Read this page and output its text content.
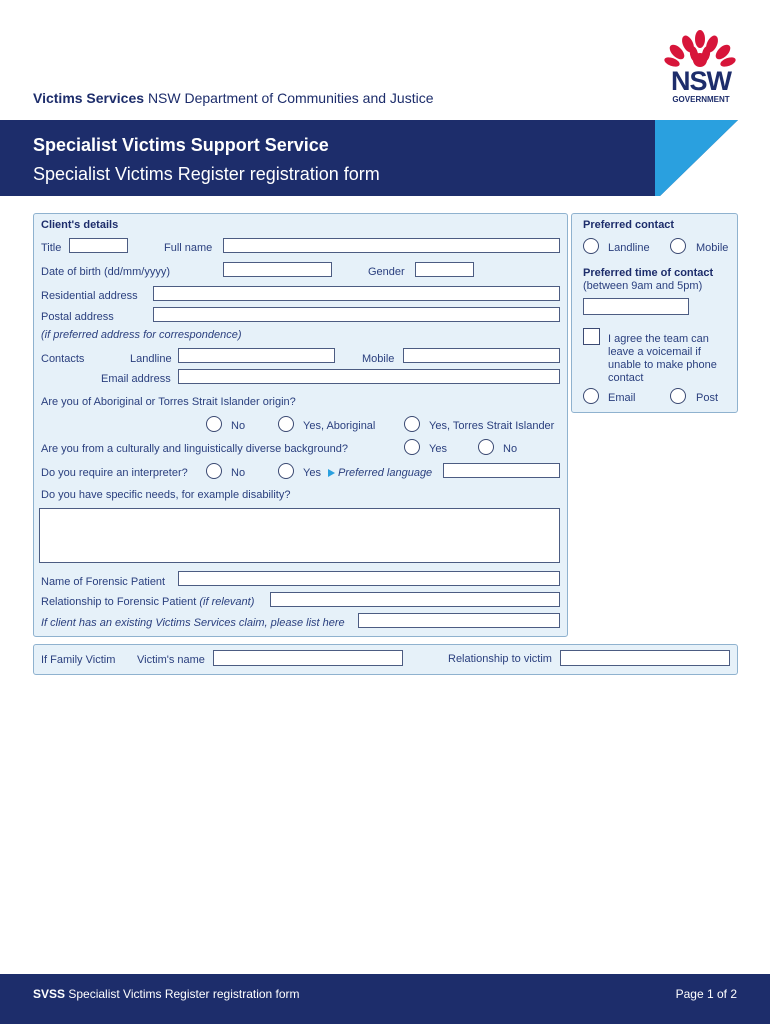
Victims Services NSW Department of Communities and Justice
NSW
GOVERNMENT
Specialist Victims Support Service
Specialist Victims Register registration form
Client's details
Title	Full name
Date of birth (dd/mm/yyyy)	Gender
Residential address
Postal address
(if preferred address for correspondence)
Contacts	Landline	Mobile
Email address
Are you of Aboriginal or Torres Strait Islander origin?
No	Yes, Aboriginal	Yes, Torres Strait Islander
Are you from a culturally and linguistically diverse background?	Yes	No
Do you require an interpreter?	No	Yes Preferred language
Do you have specific needs, for example disability?
Name of Forensic Patient
Relationship to Forensic Patient (if relevant)
If client has an existing Victims Services claim, please list here
Preferred contact
Landline	Mobile
Preferred time of contact
(between 9am and 5pm)
I agree the team can
leave a voicemail if
unable to make phone
contact
Email	Post
If Family Victim Victim's name	Relationship to victim
SVSS Specialist Victims Register registration form	Page 1 of 2
